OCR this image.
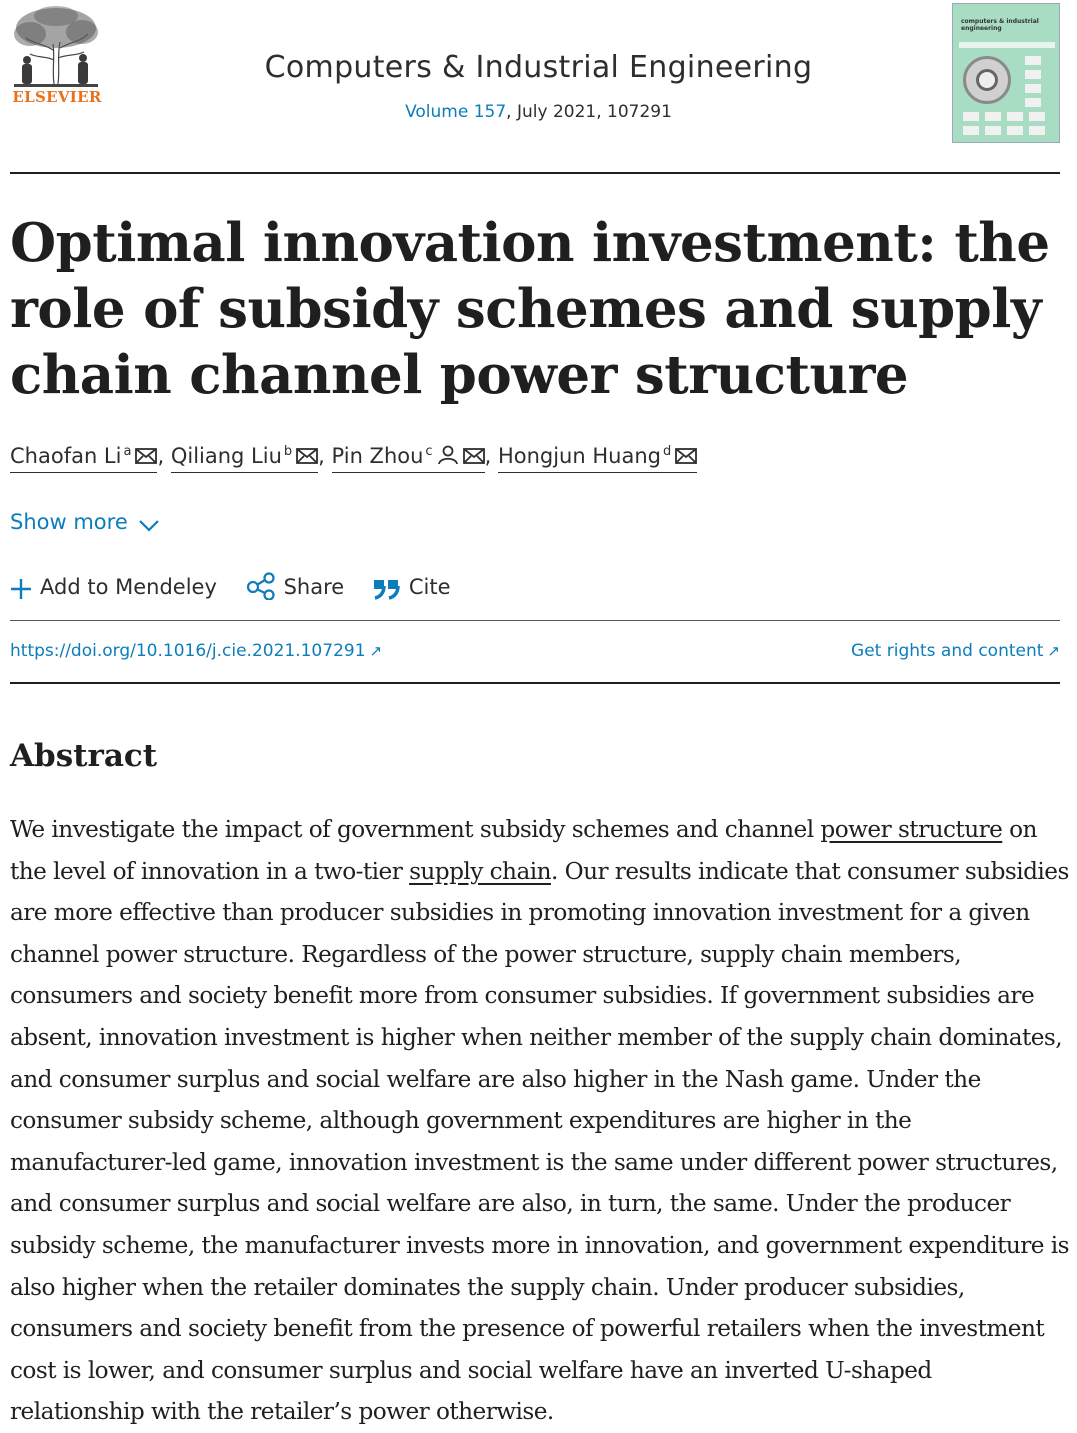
ELSEVIER
Computers & Industrial Engineering
Volume 157, July 2021, 107291
computers & industrial engineering
Optimal innovation investment: the role of subsidy schemes and supply chain channel power structure
Chaofan Li $^a$ , Qiliang Liu $^b$ , Pin Zhou $^c$ , Hongjun Huang $^d$
Show more
Add to Mendeley	Share	Cite
https://doi.org/10.1016/j.cie.2021.107291 ↗	Get rights and content ↗
Abstract

We investigate the impact of government subsidy schemes and channel power structure on the level of innovation in a two-tier supply chain. Our results indicate that consumer subsidies are more effective than producer subsidies in promoting innovation investment for a given channel power structure. Regardless of the power structure, supply chain members, consumers and society benefit more from consumer subsidies. If government subsidies are absent, innovation investment is higher when neither member of the supply chain dominates, and consumer surplus and social welfare are also higher in the Nash game. Under the consumer subsidy scheme, although government expenditures are higher in the manufacturer-led game, innovation investment is the same under different power structures, and consumer surplus and social welfare are also, in turn, the same. Under the producer subsidy scheme, the manufacturer invests more in innovation, and government expenditure is also higher when the retailer dominates the supply chain. Under producer subsidies, consumers and society benefit from the presence of powerful retailers when the investment cost is lower, and consumer surplus and social welfare have an inverted U-shaped relationship with the retailer’s power otherwise.
